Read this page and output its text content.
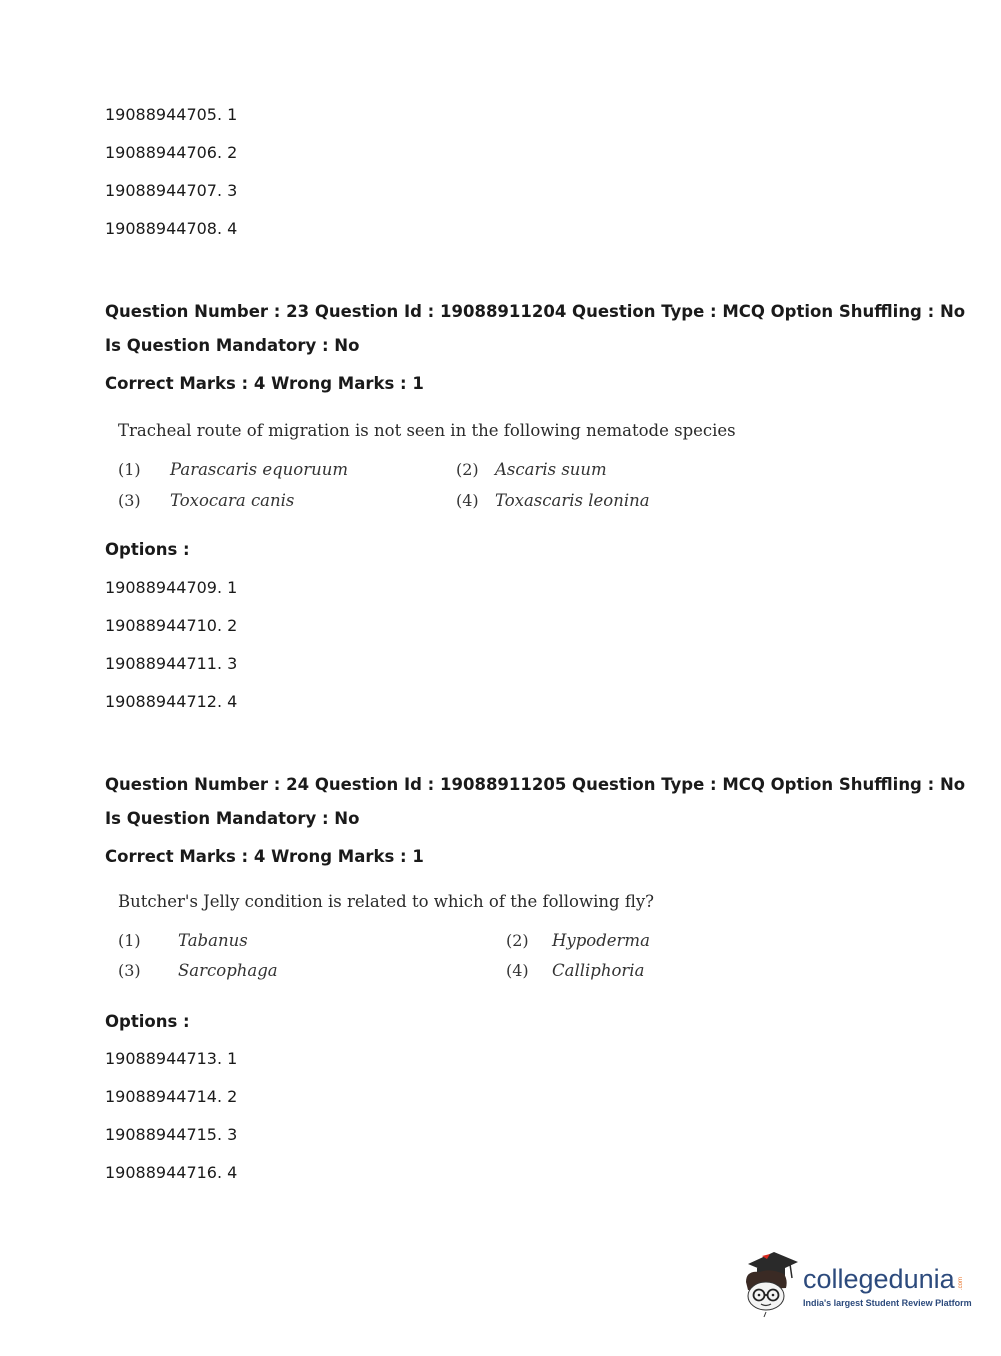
19088944705. 1
19088944706. 2
19088944707. 3
19088944708. 4
Question Number : 23 Question Id : 19088911204 Question Type : MCQ Option Shuffling : No
Is Question Mandatory : No
Correct Marks : 4 Wrong Marks : 1
Tracheal route of migration is not seen in the following nematode species
(1) Parascaris equoruum	(2) Ascaris suum
(3) Toxocara canis	(4) Toxascaris leonina
Options :
19088944709. 1
19088944710. 2
19088944711. 3
19088944712. 4
Question Number : 24 Question Id : 19088911205 Question Type : MCQ Option Shuffling : No
Is Question Mandatory : No
Correct Marks : 4 Wrong Marks : 1
Butcher's Jelly condition is related to which of the following fly?
(1) Tabanus	(2) Hypoderma
(3) Sarcophaga	(4) Calliphoria
Options :
19088944713. 1
19088944714. 2
19088944715. 3
19088944716. 4
collegedunia .com
India's largest Student Review Platform
